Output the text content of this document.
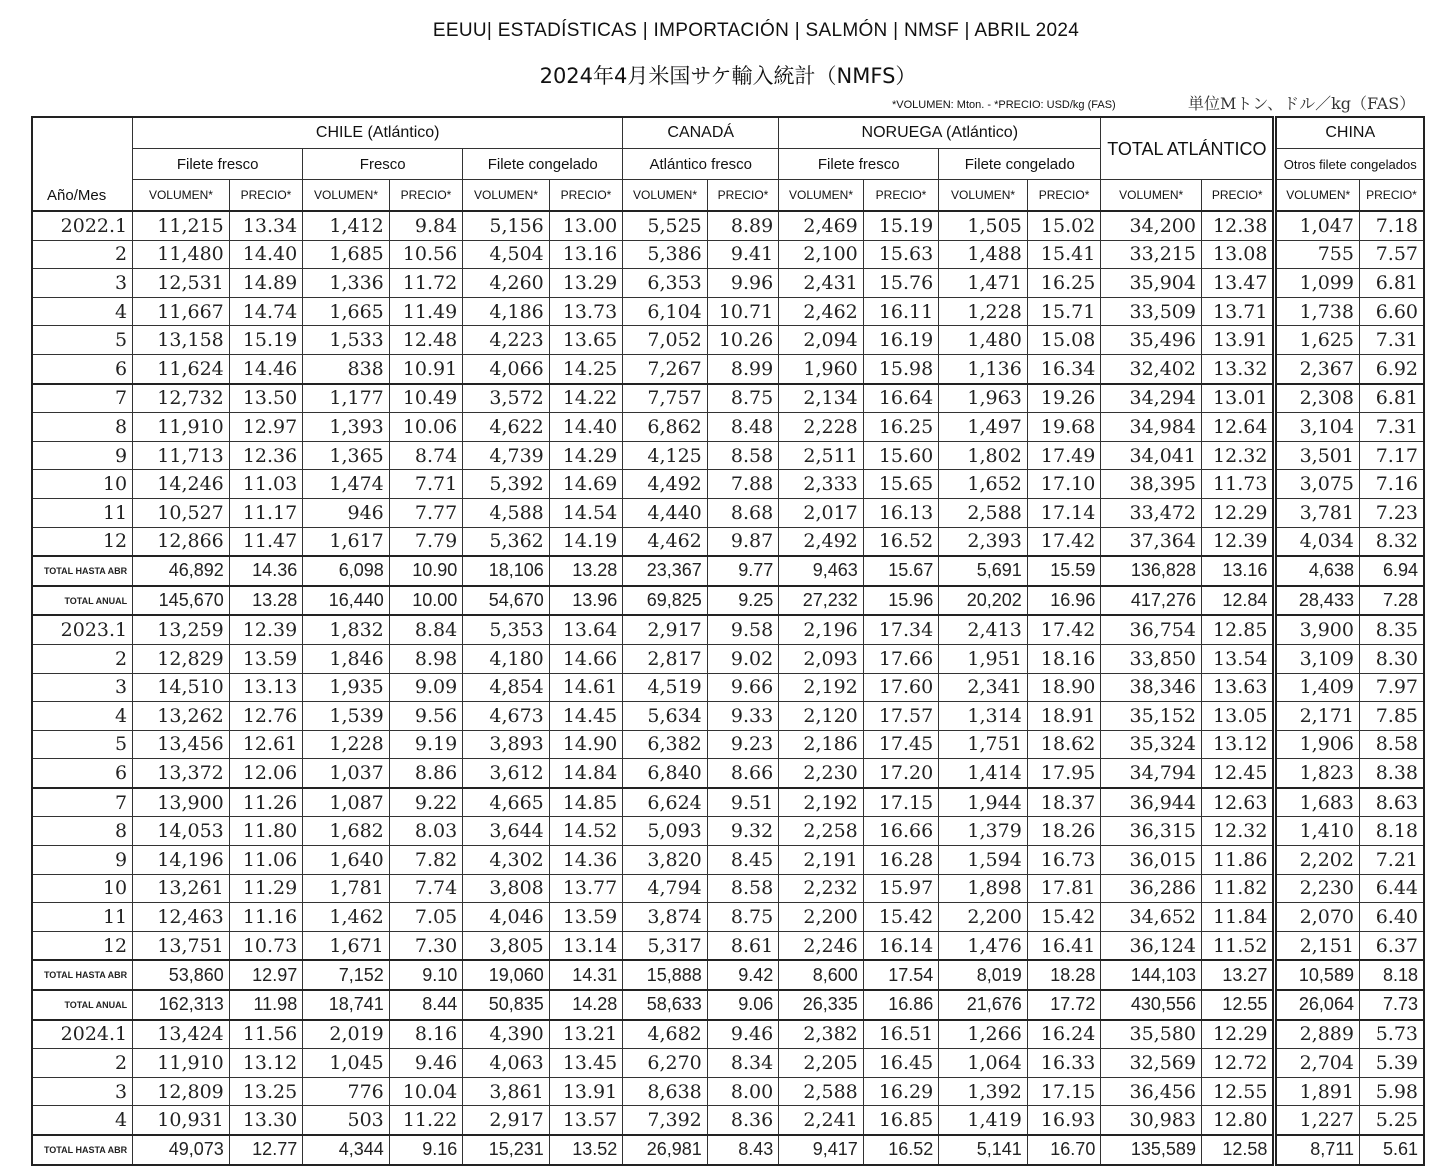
EEUU| ESTADÍSTICAS | IMPORTACIÓN | SALMÓN | NMSF | ABRIL 2024
2024年4月米国サケ輸入統計（NMFS）
*VOLUMEN: Mton. - *PRECIO: USD/kg (FAS)	単位Mトン、ドル／kg（FAS）
Año/Mes	CHILE (Atlántico)						CANADÁ		NORUEGA (Atlántico)				TOTAL ATLÁNTICO		CHINA	
	Filete fresco		Fresco		Filete congelado		Atlántico fresco		Filete fresco		Filete congelado				Otros filete congelados	
	VOLUMEN*	PRECIO*	VOLUMEN*	PRECIO*	VOLUMEN*	PRECIO*	VOLUMEN*	PRECIO*	VOLUMEN*	PRECIO*	VOLUMEN*	PRECIO*	VOLUMEN*	PRECIO*	VOLUMEN*	PRECIO*
2022.1	11,215	13.34	1,412	9.84	5,156	13.00	5,525	8.89	2,469	15.19	1,505	15.02	34,200	12.38	1,047	7.18
2	11,480	14.40	1,685	10.56	4,504	13.16	5,386	9.41	2,100	15.63	1,488	15.41	33,215	13.08	755	7.57
3	12,531	14.89	1,336	11.72	4,260	13.29	6,353	9.96	2,431	15.76	1,471	16.25	35,904	13.47	1,099	6.81
4	11,667	14.74	1,665	11.49	4,186	13.73	6,104	10.71	2,462	16.11	1,228	15.71	33,509	13.71	1,738	6.60
5	13,158	15.19	1,533	12.48	4,223	13.65	7,052	10.26	2,094	16.19	1,480	15.08	35,496	13.91	1,625	7.31
6	11,624	14.46	838	10.91	4,066	14.25	7,267	8.99	1,960	15.98	1,136	16.34	32,402	13.32	2,367	6.92
7	12,732	13.50	1,177	10.49	3,572	14.22	7,757	8.75	2,134	16.64	1,963	19.26	34,294	13.01	2,308	6.81
8	11,910	12.97	1,393	10.06	4,622	14.40	6,862	8.48	2,228	16.25	1,497	19.68	34,984	12.64	3,104	7.31
9	11,713	12.36	1,365	8.74	4,739	14.29	4,125	8.58	2,511	15.60	1,802	17.49	34,041	12.32	3,501	7.17
10	14,246	11.03	1,474	7.71	5,392	14.69	4,492	7.88	2,333	15.65	1,652	17.10	38,395	11.73	3,075	7.16
11	10,527	11.17	946	7.77	4,588	14.54	4,440	8.68	2,017	16.13	2,588	17.14	33,472	12.29	3,781	7.23
12	12,866	11.47	1,617	7.79	5,362	14.19	4,462	9.87	2,492	16.52	2,393	17.42	37,364	12.39	4,034	8.32
TOTAL HASTA ABR	46,892	14.36	6,098	10.90	18,106	13.28	23,367	9.77	9,463	15.67	5,691	15.59	136,828	13.16	4,638	6.94
TOTAL ANUAL	145,670	13.28	16,440	10.00	54,670	13.96	69,825	9.25	27,232	15.96	20,202	16.96	417,276	12.84	28,433	7.28
2023.1	13,259	12.39	1,832	8.84	5,353	13.64	2,917	9.58	2,196	17.34	2,413	17.42	36,754	12.85	3,900	8.35
2	12,829	13.59	1,846	8.98	4,180	14.66	2,817	9.02	2,093	17.66	1,951	18.16	33,850	13.54	3,109	8.30
3	14,510	13.13	1,935	9.09	4,854	14.61	4,519	9.66	2,192	17.60	2,341	18.90	38,346	13.63	1,409	7.97
4	13,262	12.76	1,539	9.56	4,673	14.45	5,634	9.33	2,120	17.57	1,314	18.91	35,152	13.05	2,171	7.85
5	13,456	12.61	1,228	9.19	3,893	14.90	6,382	9.23	2,186	17.45	1,751	18.62	35,324	13.12	1,906	8.58
6	13,372	12.06	1,037	8.86	3,612	14.84	6,840	8.66	2,230	17.20	1,414	17.95	34,794	12.45	1,823	8.38
7	13,900	11.26	1,087	9.22	4,665	14.85	6,624	9.51	2,192	17.15	1,944	18.37	36,944	12.63	1,683	8.63
8	14,053	11.80	1,682	8.03	3,644	14.52	5,093	9.32	2,258	16.66	1,379	18.26	36,315	12.32	1,410	8.18
9	14,196	11.06	1,640	7.82	4,302	14.36	3,820	8.45	2,191	16.28	1,594	16.73	36,015	11.86	2,202	7.21
10	13,261	11.29	1,781	7.74	3,808	13.77	4,794	8.58	2,232	15.97	1,898	17.81	36,286	11.82	2,230	6.44
11	12,463	11.16	1,462	7.05	4,046	13.59	3,874	8.75	2,200	15.42	2,200	15.42	34,652	11.84	2,070	6.40
12	13,751	10.73	1,671	7.30	3,805	13.14	5,317	8.61	2,246	16.14	1,476	16.41	36,124	11.52	2,151	6.37
TOTAL HASTA ABR	53,860	12.97	7,152	9.10	19,060	14.31	15,888	9.42	8,600	17.54	8,019	18.28	144,103	13.27	10,589	8.18
TOTAL ANUAL	162,313	11.98	18,741	8.44	50,835	14.28	58,633	9.06	26,335	16.86	21,676	17.72	430,556	12.55	26,064	7.73
2024.1	13,424	11.56	2,019	8.16	4,390	13.21	4,682	9.46	2,382	16.51	1,266	16.24	35,580	12.29	2,889	5.73
2	11,910	13.12	1,045	9.46	4,063	13.45	6,270	8.34	2,205	16.45	1,064	16.33	32,569	12.72	2,704	5.39
3	12,809	13.25	776	10.04	3,861	13.91	8,638	8.00	2,588	16.29	1,392	17.15	36,456	12.55	1,891	5.98
4	10,931	13.30	503	11.22	2,917	13.57	7,392	8.36	2,241	16.85	1,419	16.93	30,983	12.80	1,227	5.25
TOTAL HASTA ABR	49,073	12.77	4,344	9.16	15,231	13.52	26,981	8.43	9,417	16.52	5,141	16.70	135,589	12.58	8,711	5.61
